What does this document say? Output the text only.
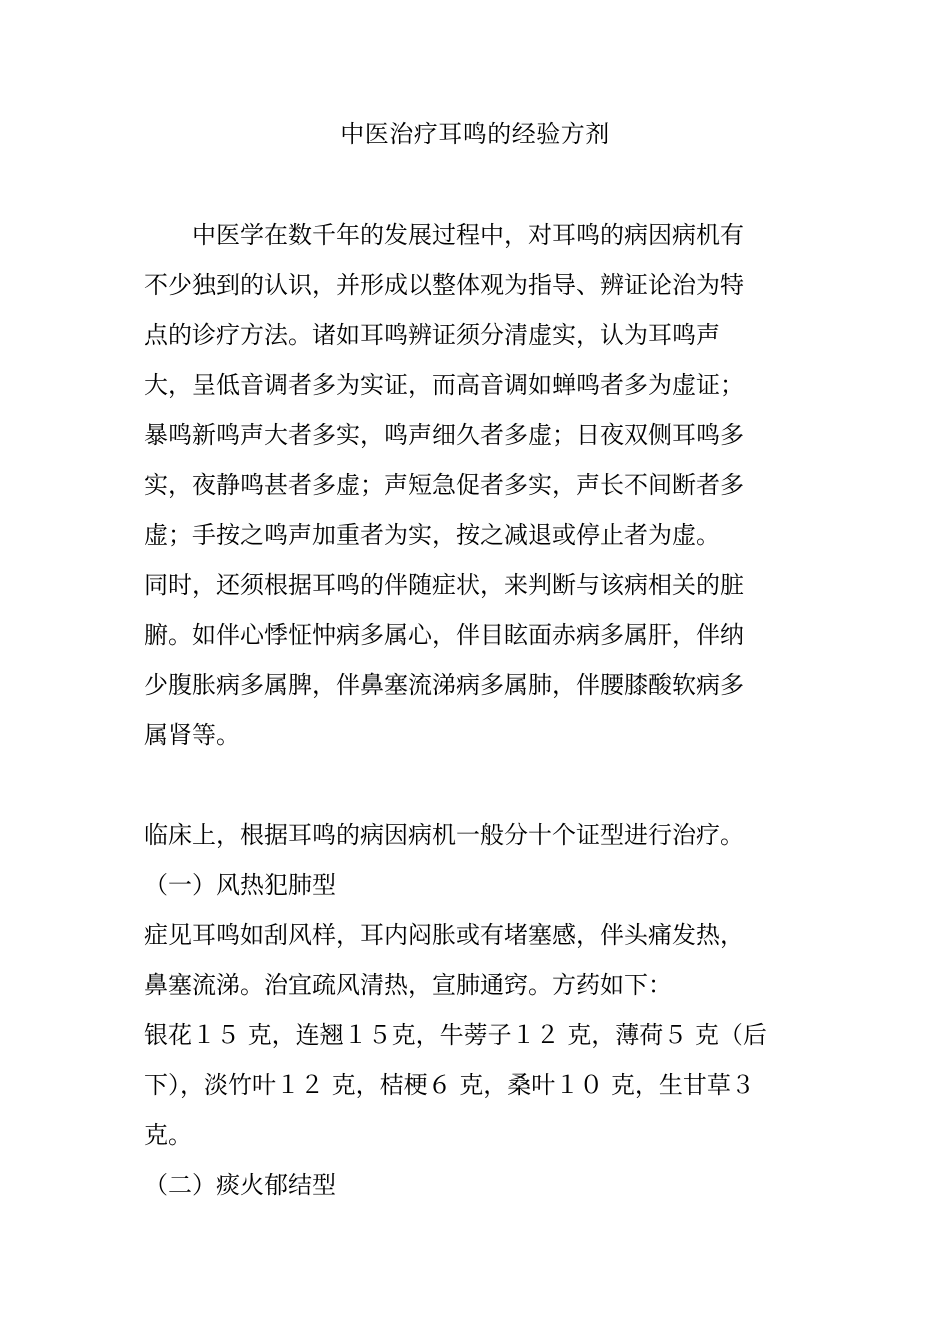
中医治疗耳鸣的经验方剂
　　中医学在数千年的发展过程中，对耳鸣的病因病机有
不少独到的认识，并形成以整体观为指导、辨证论治为特
点的诊疗方法。诸如耳鸣辨证须分清虚实，认为耳鸣声
大，呈低音调者多为实证，而高音调如蝉鸣者多为虚证；
暴鸣新鸣声大者多实，鸣声细久者多虚；日夜双侧耳鸣多
实，夜静鸣甚者多虚；声短急促者多实，声长不间断者多
虚；手按之鸣声加重者为实，按之减退或停止者为虚。
同时，还须根据耳鸣的伴随症状，来判断与该病相关的脏
腑。如伴心悸怔忡病多属心，伴目眩面赤病多属肝，伴纳
少腹胀病多属脾，伴鼻塞流涕病多属肺，伴腰膝酸软病多
属肾等。
临床上，根据耳鸣的病因病机一般分十个证型进行治疗。
（一）风热犯肺型
症见耳鸣如刮风样，耳内闷胀或有堵塞感，伴头痛发热，
鼻塞流涕。治宜疏风清热，宣肺通窍。方药如下：
银花１５ 克，连翘１５克，牛蒡子１２ 克，薄荷５ 克（后
下），淡竹叶１２ 克，桔梗６ 克，桑叶１０ 克，生甘草３
克。
（二）痰火郁结型
